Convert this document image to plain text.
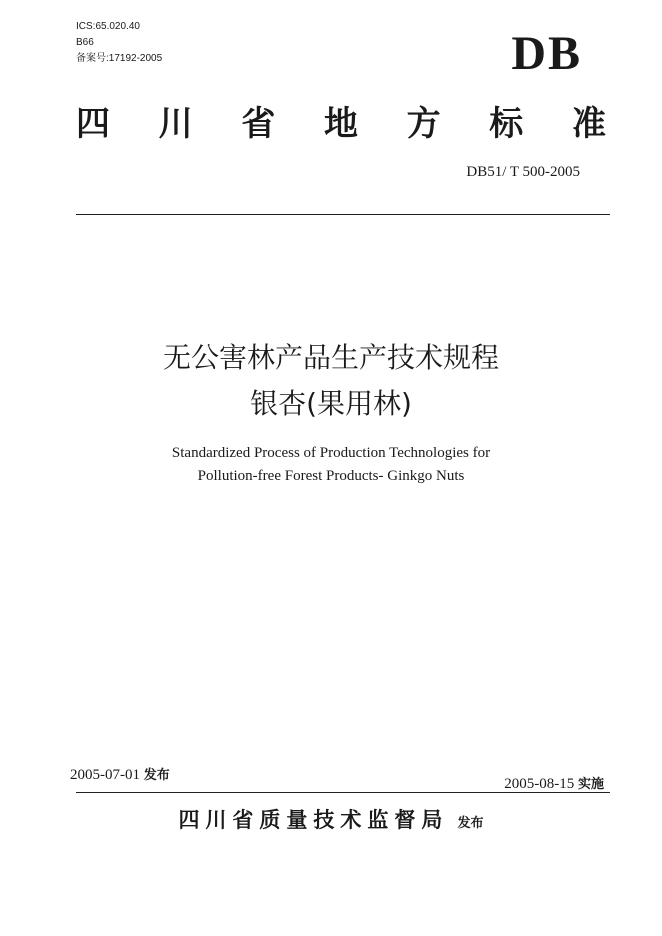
ICS:65.020.40
B66
备案号:17192-2005	DB
四 川 省 地 方 标 准
DB51/ T 500-2005
无公害林产品生产技术规程
银杏(果用林)
Standardized Process of Production Technologies for
Pollution-free Forest Products- Ginkgo Nuts
2005-07-01 发布
2005-08-15 实施
四川省质量技术监督局 发布
